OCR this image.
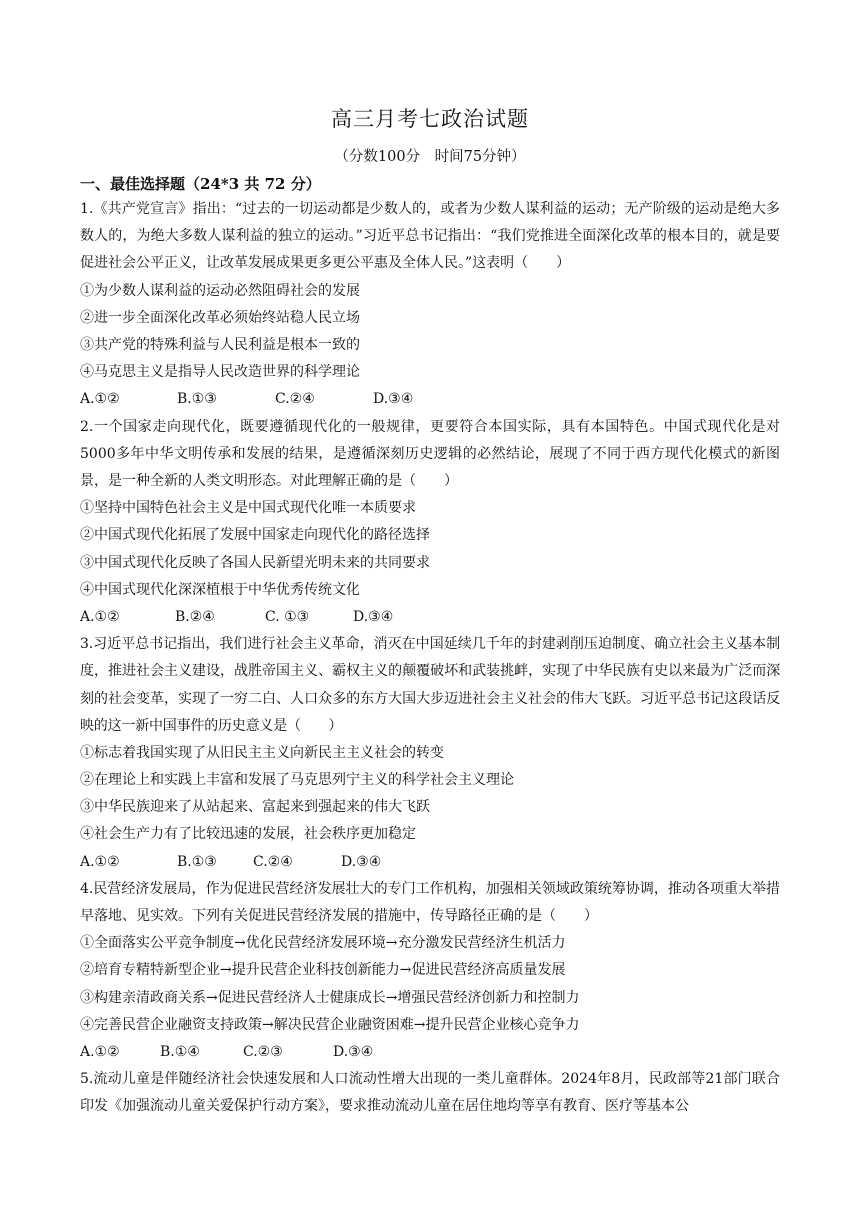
高三月考七政治试题
（分数100分　时间75分钟）
一、最佳选择题（24*3 共 72 分）

1.《共产党宣言》指出：“过去的一切运动都是少数人的，或者为少数人谋利益的运动；无产阶级的运动是绝大多数人的，为绝大多数人谋利益的独立的运动。”习近平总书记指出：“我们党推进全面深化改革的根本目的，就是要促进社会公平正义，让改革发展成果更多更公平惠及全体人民。”这表明（　　）

①为少数人谋利益的运动必然阻碍社会的发展
②进一步全面深化改革必须始终站稳人民立场
③共产党的特殊利益与人民利益是根本一致的
④马克思主义是指导人民改造世界的科学理论
A.①②	B.①③	C.②④	D.③④

2.一个国家走向现代化，既要遵循现代化的一般规律，更要符合本国实际，具有本国特色。中国式现代化是对5000多年中华文明传承和发展的结果，是遵循深刻历史逻辑的必然结论，展现了不同于西方现代化模式的新图景，是一种全新的人类文明形态。对此理解正确的是（　　）

①坚持中国特色社会主义是中国式现代化唯一本质要求
②中国式现代化拓展了发展中国家走向现代化的路径选择
③中国式现代化反映了各国人民新望光明未来的共同要求
④中国式现代化深深植根于中华优秀传统文化
A.①②	B.②④	C. ①③	D.③④

3.习近平总书记指出，我们进行社会主义革命，消灭在中国延续几千年的封建剥削压迫制度、确立社会主义基本制度，推进社会主义建设，战胜帝国主义、霸权主义的颠覆破坏和武装挑衅，实现了中华民族有史以来最为广泛而深刻的社会变革，实现了一穷二白、人口众多的东方大国大步迈进社会主义社会的伟大飞跃。习近平总书记这段话反映的这一新中国事件的历史意义是（　　）

①标志着我国实现了从旧民主主义向新民主主义社会的转变
②在理论上和实践上丰富和发展了马克思列宁主义的科学社会主义理论
③中华民族迎来了从站起来、富起来到强起来的伟大飞跃
④社会生产力有了比较迅速的发展，社会秩序更加稳定
A.①②	B.①③	C.②④	D.③④

4.民营经济发展局，作为促进民营经济发展壮大的专门工作机构，加强相关领域政策统筹协调，推动各项重大举措早落地、见实效。下列有关促进民营经济发展的措施中，传导路径正确的是（　　）

①全面落实公平竞争制度→优化民营经济发展环境→充分激发民营经济生机活力
②培育专精特新型企业→提升民营企业科技创新能力→促进民营经济高质量发展
③构建亲清政商关系→促进民营经济人士健康成长→增强民营经济创新力和控制力
④完善民营企业融资支持政策→解决民营企业融资困难→提升民营企业核心竞争力
A.①②	B.①④	C.②③	D.③④

5.流动儿童是伴随经济社会快速发展和人口流动性增大出现的一类儿童群体。2024年8月，民政部等21部门联合印发《加强流动儿童关爱保护行动方案》，要求推动流动儿童在居住地均等享有教育、医疗等基本公
